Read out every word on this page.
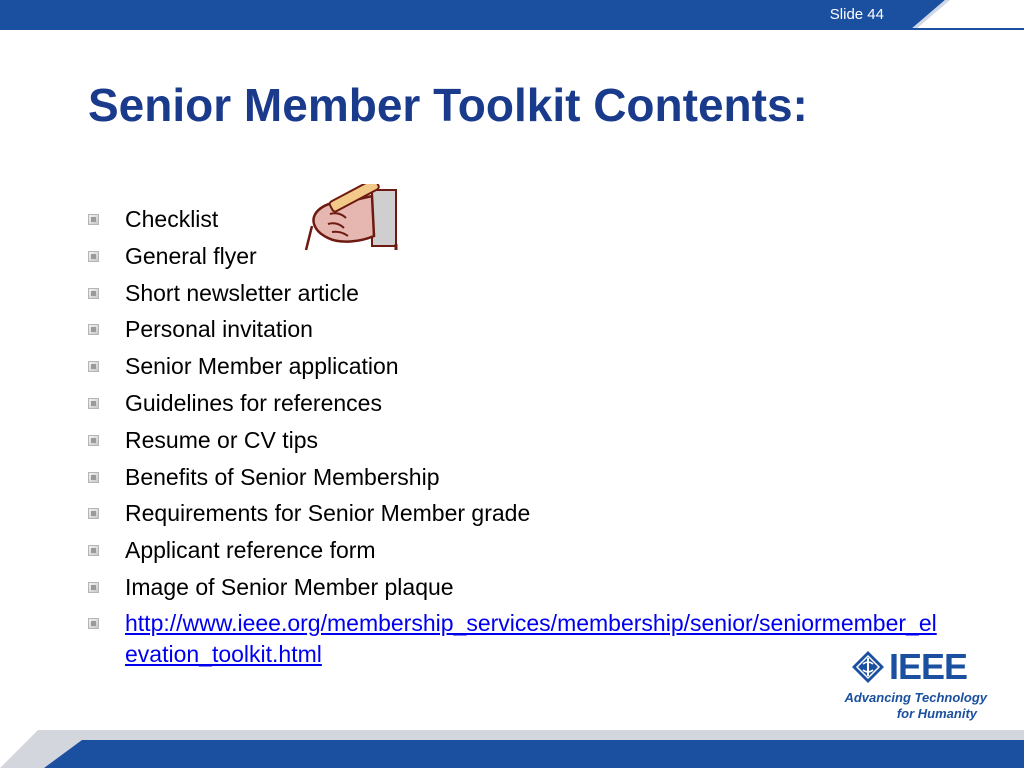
Slide 44
Senior Member Toolkit Contents:
Checklist
General flyer
Short newsletter article
Personal invitation
Senior Member application
Guidelines for references
Resume or CV tips
Benefits of Senior Membership
Requirements for Senior Member grade
Applicant reference form
Image of Senior Member plaque
http://www.ieee.org/membership_services/membership/senior/seniormember_elevation_toolkit.html	IEEE
Advancing Technology
for Humanity
